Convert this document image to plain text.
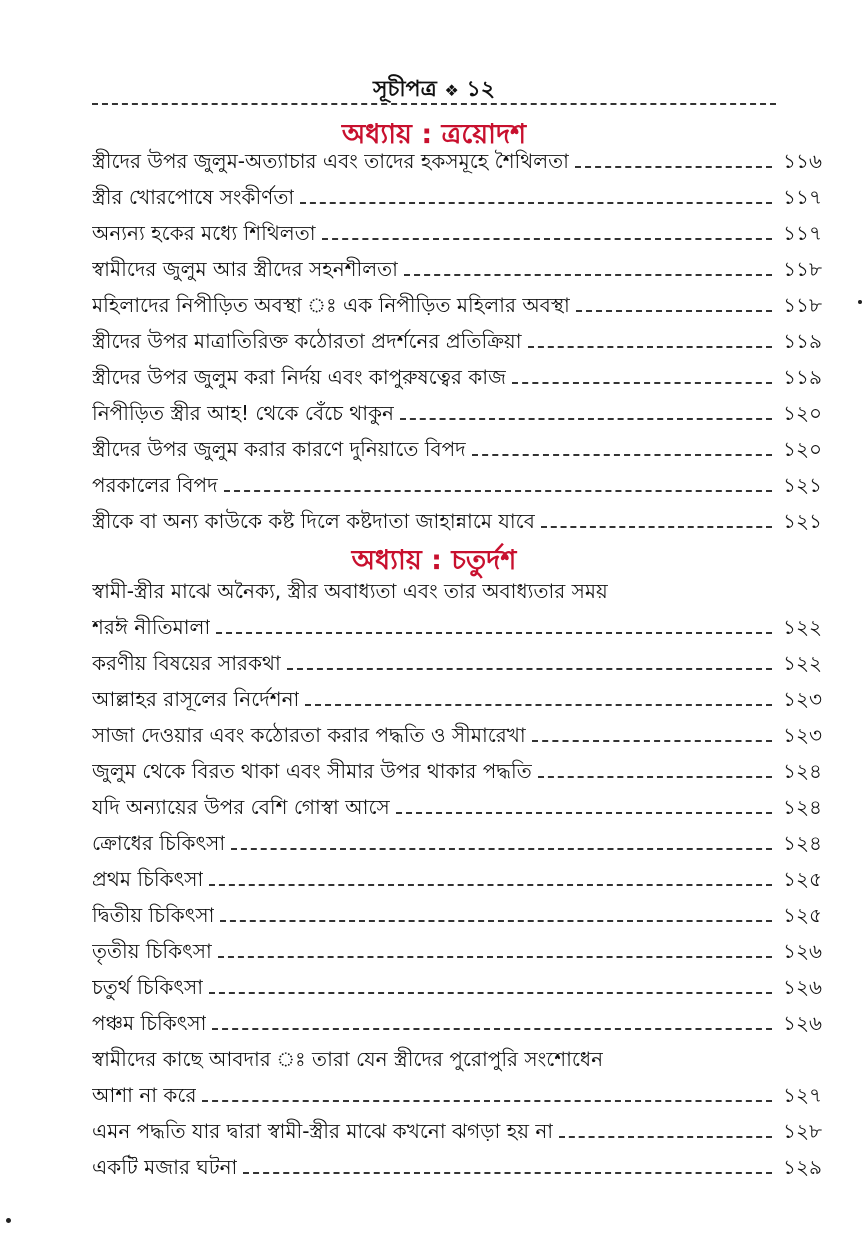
সূচীপত্র ❖ ১২
অধ্যায় : ত্রয়োদশ
স্ত্রীদের উপর জুলুম-অত্যাচার এবং তাদের হকসমূহে শৈথিলতা	১১৬
স্ত্রীর খোরপোষে সংকীর্ণতা	১১৭
অন্যন্য হকের মধ্যে শিথিলতা	১১৭
স্বামীদের জুলুম আর স্ত্রীদের সহনশীলতা	১১৮
মহিলাদের নিপীড়িত অবস্থা ঃ এক নিপীড়িত মহিলার অবস্থা	১১৮
স্ত্রীদের উপর মাত্রাতিরিক্ত কঠোরতা প্রদর্শনের প্রতিক্রিয়া	১১৯
স্ত্রীদের উপর জুলুম করা নির্দয় এবং কাপুরুষত্বের কাজ	১১৯
নিপীড়িত স্ত্রীর আহ! থেকে বেঁচে থাকুন	১২০
স্ত্রীদের উপর জুলুম করার কারণে দুনিয়াতে বিপদ	১২০
পরকালের বিপদ	১২১
স্ত্রীকে বা অন্য কাউকে কষ্ট দিলে কষ্টদাতা জাহান্নামে যাবে	১২১
অধ্যায় : চতুর্দশ
স্বামী-স্ত্রীর মাঝে অনৈক্য, স্ত্রীর অবাধ্যতা এবং তার অবাধ্যতার সময়
শরঈ নীতিমালা	১২২
করণীয় বিষয়ের সারকথা	১২২
আল্লাহর রাসূলের নির্দেশনা	১২৩
সাজা দেওয়ার এবং কঠোরতা করার পদ্ধতি ও সীমারেখা	১২৩
জুলুম থেকে বিরত থাকা এবং সীমার উপর থাকার পদ্ধতি	১২৪
যদি অন্যায়ের উপর বেশি গোস্বা আসে	১২৪
ক্রোধের চিকিৎসা	১২৪
প্রথম চিকিৎসা	১২৫
দ্বিতীয় চিকিৎসা	১২৫
তৃতীয় চিকিৎসা	১২৬
চতুর্থ চিকিৎসা	১২৬
পঞ্চম চিকিৎসা	১২৬
স্বামীদের কাছে আবদার ঃ তারা যেন স্ত্রীদের পুরোপুরি সংশোধেন
আশা না করে	১২৭
এমন পদ্ধতি যার দ্বারা স্বামী-স্ত্রীর মাঝে কখনো ঝগড়া হয় না	১২৮
একটি মজার ঘটনা	১২৯
